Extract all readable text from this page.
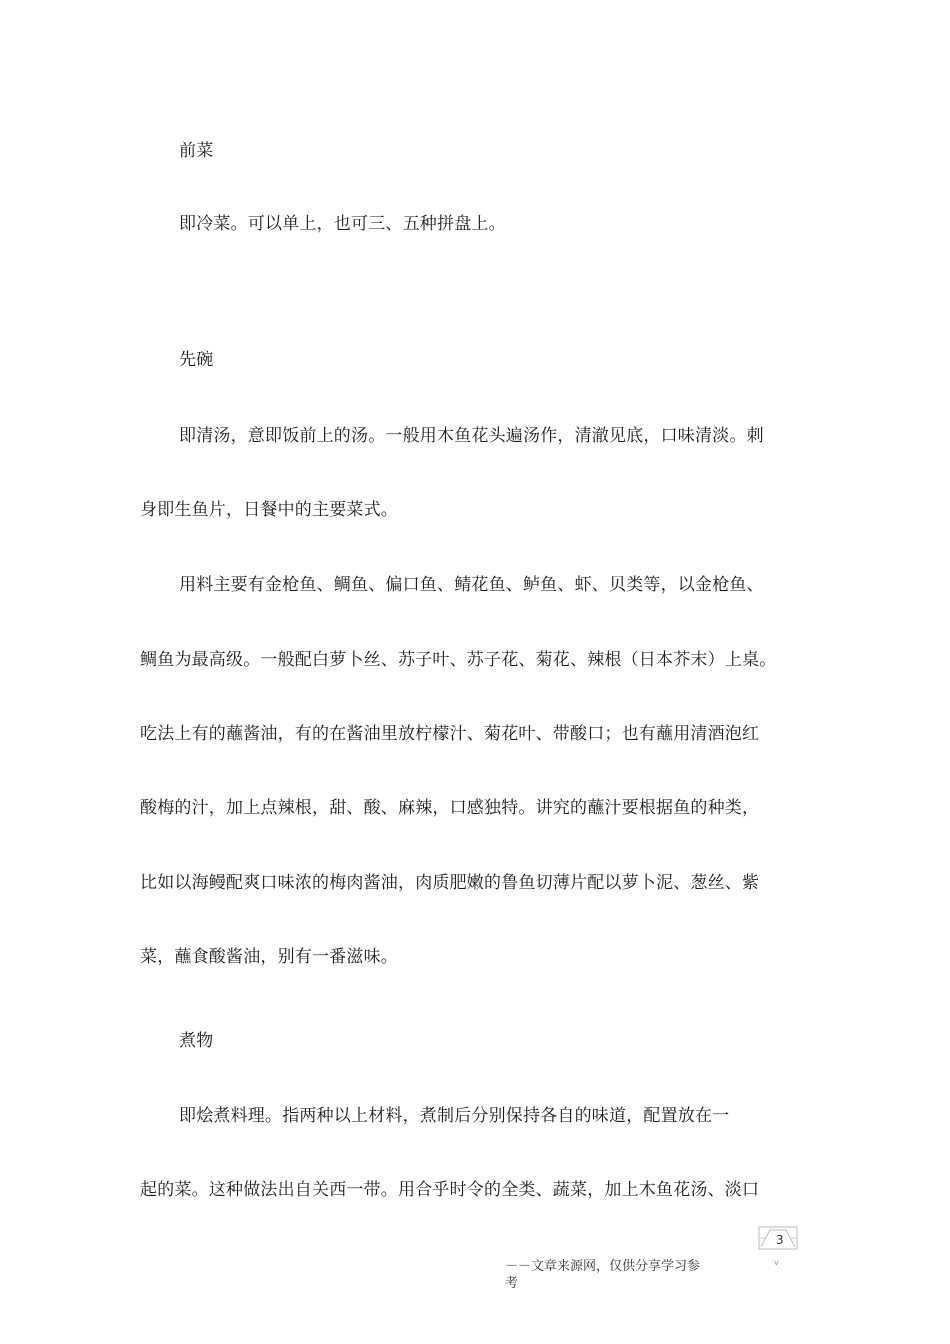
前菜
即冷菜。可以单上，也可三、五种拼盘上。
先碗
即清汤，意即饭前上的汤。一般用木鱼花头遍汤作，清澈见底，口味清淡。刺
身即生鱼片，日餐中的主要菜式。
用料主要有金枪鱼、鲷鱼、偏口鱼、鲭花鱼、鲈鱼、虾、贝类等，以金枪鱼、
鲷鱼为最高级。一般配白萝卜丝、苏子叶、苏子花、菊花、辣根（日本芥末）上桌。
吃法上有的蘸酱油，有的在酱油里放柠檬汁、菊花叶、带酸口；也有蘸用清酒泡红
酸梅的汁，加上点辣根，甜、酸、麻辣，口感独特。讲究的蘸汁要根据鱼的种类，
比如以海鳗配爽口味浓的梅肉酱油，肉质肥嫩的鲁鱼切薄片配以萝卜泥、葱丝、紫
菜，蘸食酸酱油，别有一番滋味。
煮物
即烩煮料理。指两种以上材料，煮制后分别保持各自的味道，配置放在一
起的菜。这种做法出自关西一带。用合乎时令的全类、蔬菜，加上木鱼花汤、淡口
3
v
－－文章来源网，仅供分享学习参
考
